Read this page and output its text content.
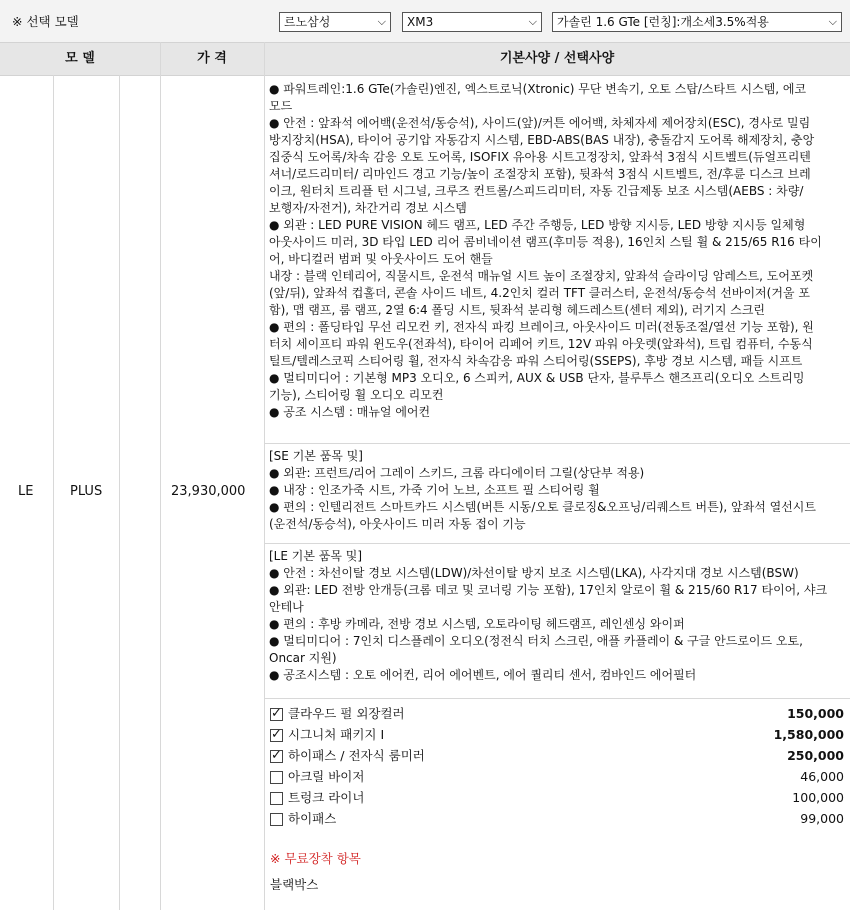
※ 선택 모델	르노삼성	⌵	XM3	⌵	가솔린 1.6 GTe [런칭]:개소세3.5%적용	⌵
모 델	가 격	기본사양 / 선택사양
LE	PLUS	23,930,000
● 파워트레인:1.6 GTe(가솔린)엔진, 엑스트로닉(Xtronic) 무단 변속기, 오토 스탑/스타트 시스템, 에코
모드
● 안전 : 앞좌석 에어백(운전석/동승석), 사이드(앞)/커튼 에어백, 차체자세 제어장치(ESC), 경사로 밀림
방지장치(HSA), 타이어 공기압 자동감지 시스템, EBD-ABS(BAS 내장), 충돌감지 도어록 해제장치, 충앙
집중식 도어록/차속 감응 오토 도어록, ISOFIX 유아용 시트고정장치, 앞좌석 3점식 시트벨트(듀얼프리텐
셔너/로드리미터/ 리마인드 경고 기능/높이 조절장치 포함), 뒷좌석 3점식 시트벨트, 전/후륜 디스크 브레
이크, 원터치 트리플 턴 시그널, 크루즈 컨트롤/스피드리미터, 자동 긴급제동 보조 시스템(AEBS : 차량/
보행자/자전거), 차간거리 경보 시스템
● 외관 : LED PURE VISION 헤드 램프, LED 주간 주행등, LED 방향 지시등, LED 방향 지시등 일체형
아웃사이드 미러, 3D 타입 LED 리어 콤비네이션 램프(후미등 적용), 16인치 스틸 휠 & 215/65 R16 타이
어, 바디컬러 범퍼 및 아웃사이드 도어 핸들
내장 : 블랙 인테리어, 직물시트, 운전석 매뉴얼 시트 높이 조절장치, 앞좌석 슬라이딩 암레스트, 도어포켓
(앞/뒤), 앞좌석 컵홀더, 콘솔 사이드 네트, 4.2인치 컬러 TFT 클러스터, 운전석/동승석 선바이저(거울 포
함), 맵 램프, 룸 램프, 2열 6:4 폴딩 시트, 뒷좌석 분리형 헤드레스트(센터 제외), 러기지 스크린
● 편의 : 폴딩타입 무선 리모컨 키, 전자식 파킹 브레이크, 아웃사이드 미러(전동조절/열선 기능 포함), 원
터치 세이프티 파워 윈도우(전좌석), 타이어 리페어 키트, 12V 파워 아웃렛(앞좌석), 트립 컴퓨터, 수동식
틸트/텔레스코픽 스티어링 휠, 전자식 차속감응 파워 스티어링(SSEPS), 후방 경보 시스템, 패들 시프트
● 멀티미디어 : 기본형 MP3 오디오, 6 스피커, AUX & USB 단자, 블루투스 핸즈프리(오디오 스트리밍
기능), 스티어링 휠 오디오 리모컨
● 공조 시스템 : 매뉴얼 에어컨
[SE 기본 품목 및]
● 외관: 프런트/리어 그레이 스키드, 크롬 라디에이터 그릴(상단부 적용)
● 내장 : 인조가죽 시트, 가죽 기어 노브, 소프트 필 스티어링 휠
● 편의 : 인텔리전트 스마트카드 시스템(버튼 시동/오토 클로징&오프닝/리퀘스트 버튼), 앞좌석 열선시트
(운전석/동승석), 아웃사이드 미러 자동 접이 기능
[LE 기본 품목 및]
● 안전 : 차선이탈 경보 시스템(LDW)/차선이탈 방지 보조 시스템(LKA), 사각지대 경보 시스템(BSW)
● 외관: LED 전방 안개등(크롬 데코 및 코너링 기능 포함), 17인치 알로이 휠 & 215/60 R17 타이어, 샤크
안테나
● 편의 : 후방 카메라, 전방 경보 시스템, 오토라이팅 헤드램프, 레인센싱 와이퍼
● 멀티미디어 : 7인치 디스플레이 오디오(정전식 터치 스크린, 애플 카플레이 & 구글 안드로이드 오토,
Oncar 지원)
● 공조시스템 : 오토 에어컨, 리어 에어벤트, 에어 퀄리티 센서, 컴바인드 에어필터
✓
클라우드 펄 외장컬러	150,000
✓
시그니처 패키지 I	1,580,000
✓
하이패스 / 전자식 룸미러	250,000
아크릴 바이저	46,000
트렁크 라이너	100,000
하이패스	99,000
※ 무료장착 항목
블랙박스
